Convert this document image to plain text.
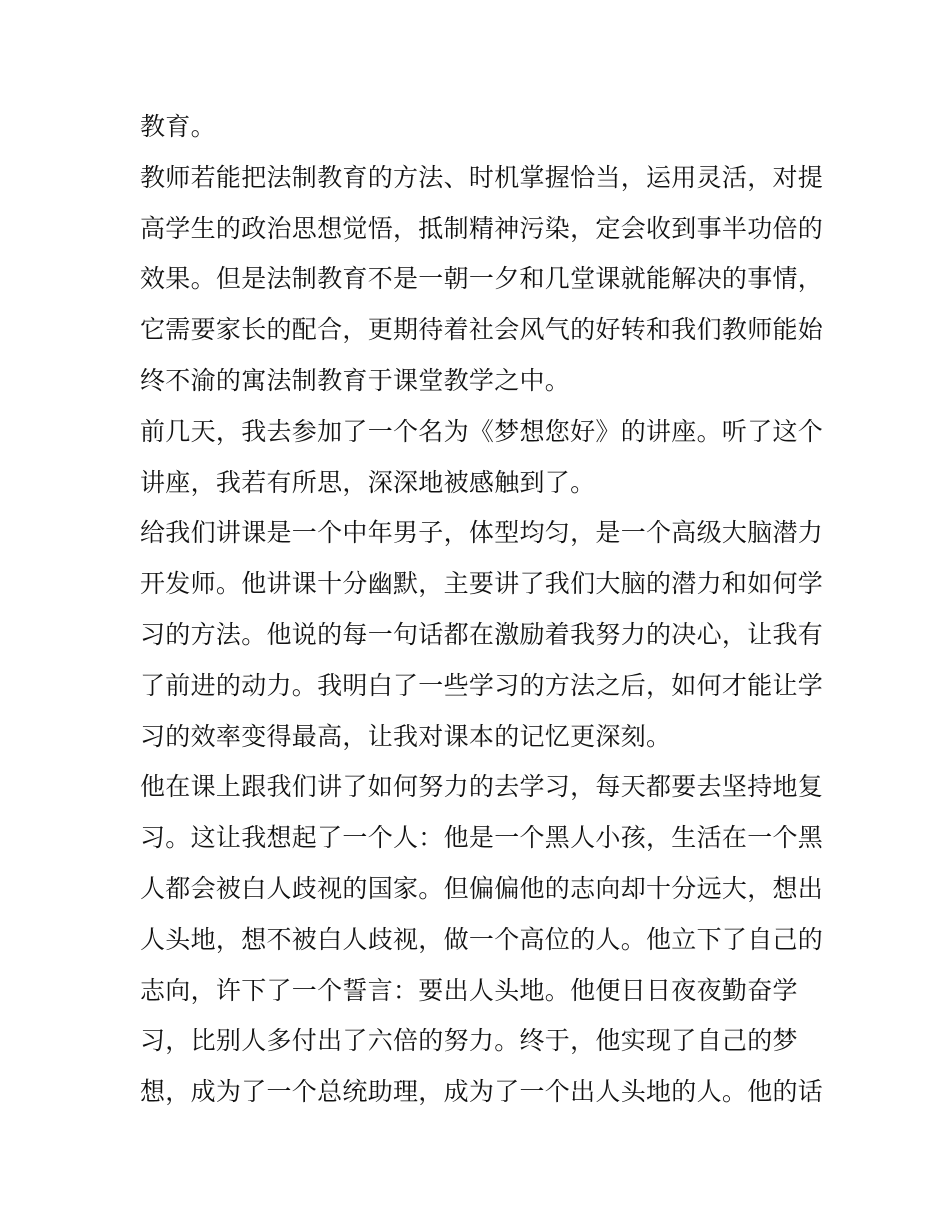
教育。
教师若能把法制教育的方法、时机掌握恰当，运用灵活，对提
高学生的政治思想觉悟，抵制精神污染，定会收到事半功倍的
效果。但是法制教育不是一朝一夕和几堂课就能解决的事情，
它需要家长的配合，更期待着社会风气的好转和我们教师能始
终不渝的寓法制教育于课堂教学之中。
前几天，我去参加了一个名为《梦想您好》的讲座。听了这个
讲座，我若有所思，深深地被感触到了。
给我们讲课是一个中年男子，体型均匀，是一个高级大脑潜力
开发师。他讲课十分幽默，主要讲了我们大脑的潜力和如何学
习的方法。他说的每一句话都在激励着我努力的决心，让我有
了前进的动力。我明白了一些学习的方法之后，如何才能让学
习的效率变得最高，让我对课本的记忆更深刻。
他在课上跟我们讲了如何努力的去学习，每天都要去坚持地复
习。这让我想起了一个人：他是一个黑人小孩，生活在一个黑
人都会被白人歧视的国家。但偏偏他的志向却十分远大，想出
人头地，想不被白人歧视，做一个高位的人。他立下了自己的
志向，许下了一个誓言：要出人头地。他便日日夜夜勤奋学
习，比别人多付出了六倍的努力。终于，他实现了自己的梦
想，成为了一个总统助理，成为了一个出人头地的人。他的话
